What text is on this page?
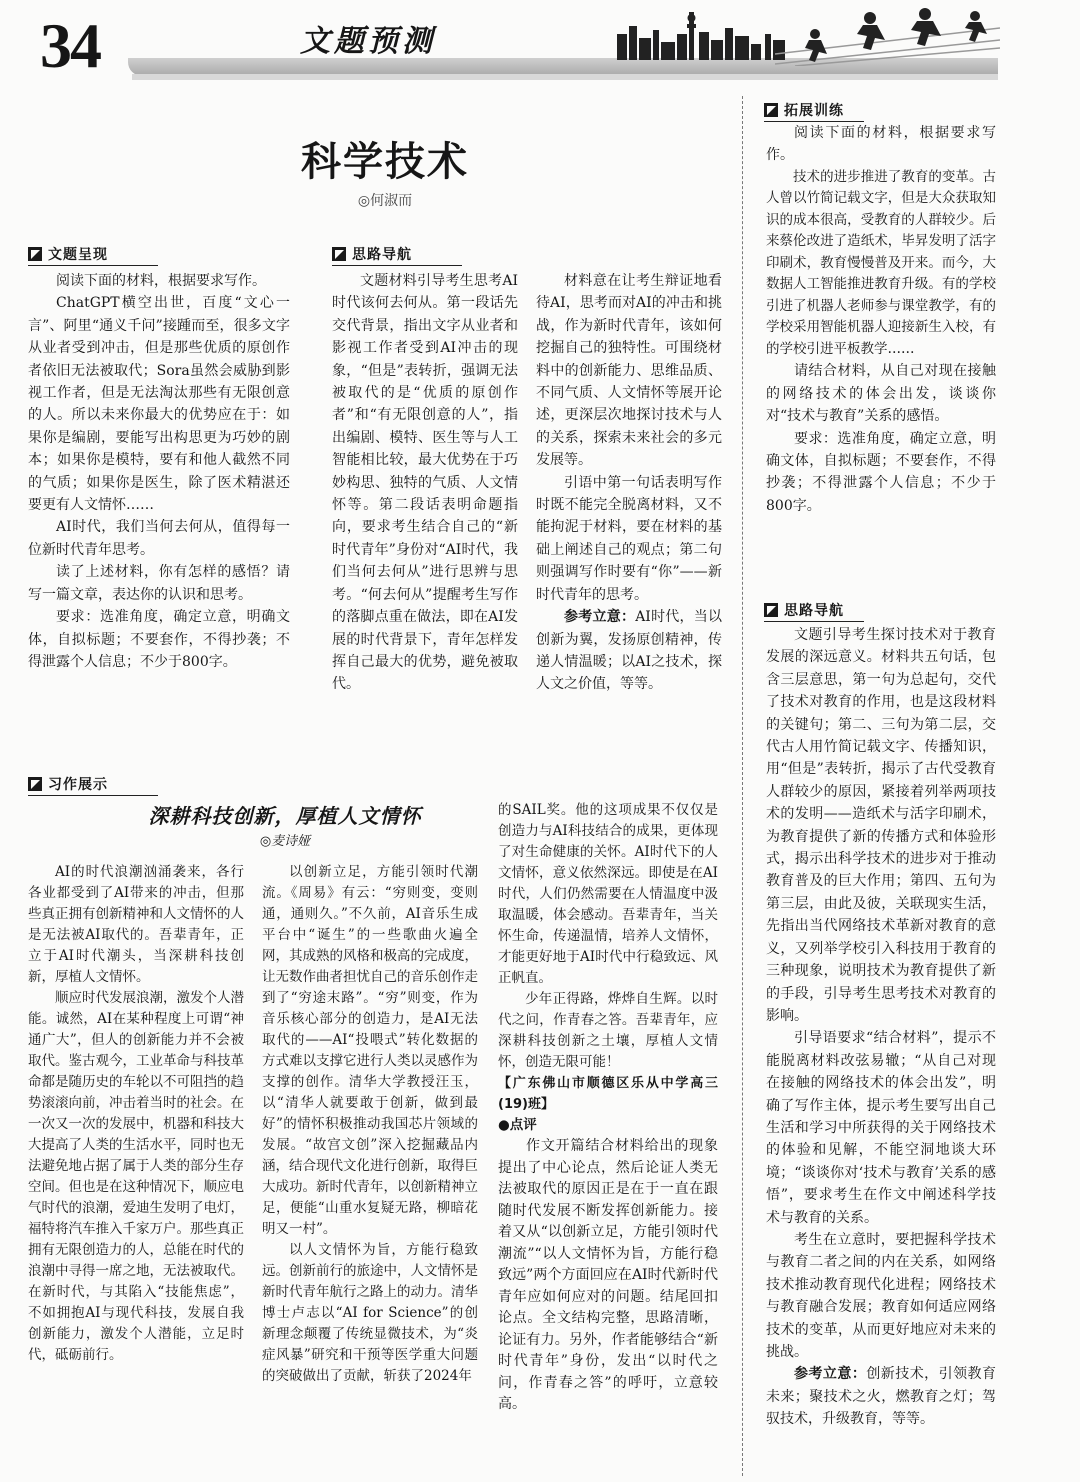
34	文题预测
科学技术
◎何淑而
文题呈现

阅读下面的材料，根据要求写作。

ChatGPT横空出世，百度“文心一言”、阿里“通义千问”接踵而至，很多文字从业者受到冲击，但是那些优质的原创作者依旧无法被取代；Sora虽然会威胁到影视工作者，但是无法淘汰那些有无限创意的人。所以未来你最大的优势应在于：如果你是编剧，要能写出构思更为巧妙的剧本；如果你是模特，要有和他人截然不同的气质；如果你是医生，除了医术精湛还要更有人文情怀……

AI时代，我们当何去何从，值得每一位新时代青年思考。

读了上述材料，你有怎样的感悟？请写一篇文章，表达你的认识和思考。

要求：选准角度，确定立意，明确文体，自拟标题；不要套作，不得抄袭；不得泄露个人信息；不少于800字。

思路导航

文题材料引导考生思考AI时代该何去何从。第一段话先交代背景，指出文字从业者和影视工作者受到AI冲击的现象，“但是”表转折，强调无法被取代的是“优质的原创作者”和“有无限创意的人”，指出编剧、模特、医生等与人工智能相比较，最大优势在于巧妙构思、独特的气质、人文情怀等。第二段话表明命题指向，要求考生结合自己的“新时代青年”身份对“AI时代，我们当何去何从”进行思辨与思考。“何去何从”提醒考生写作的落脚点重在做法，即在AI发展的时代背景下，青年怎样发挥自己最大的优势，避免被取代。

材料意在让考生辩证地看待AI，思考而对AI的冲击和挑战，作为新时代青年，该如何挖掘自己的独特性。可围绕材料中的创新能力、思维品质、不同气质、人文情怀等展开论述，更深层次地探讨技术与人的关系，探索未来社会的多元发展等。

引语中第一句话表明写作时既不能完全脱离材料，又不能拘泥于材料，要在材料的基础上阐述自己的观点；第二句则强调写作时要有“你”——新时代青年的思考。

参考立意：AI时代，当以创新为翼，发扬原创精神，传递人情温暖；以AI之技术，探人文之价值，等等。

习作展示
深耕科技创新，厚植人文情怀
◎麦诗娅

AI的时代浪潮汹涌袭来，各行各业都受到了AI带来的冲击，但那些真正拥有创新精神和人文情怀的人是无法被AI取代的。吾辈青年，正立于AI时代潮头，当深耕科技创新，厚植人文情怀。

顺应时代发展浪潮，激发个人潜能。诚然，AI在某种程度上可谓“神通广大”，但人的创新能力并不会被取代。鉴古观今，工业革命与科技革命都是随历史的车轮以不可阻挡的趋势滚滚向前，冲击着当时的社会。在一次又一次的发展中，机器和科技大大提高了人类的生活水平，同时也无法避免地占据了属于人类的部分生存空间。但也是在这种情况下，顺应电气时代的浪潮，爱迪生发明了电灯，福特将汽车推入千家万户。那些真正拥有无限创造力的人，总能在时代的浪潮中寻得一席之地，无法被取代。在新时代，与其陷入“技能焦虑”，不如拥抱AI与现代科技，发展自我创新能力，激发个人潜能，立足时代，砥砺前行。

以创新立足，方能引领时代潮流。《周易》有云：“穷则变，变则通，通则久。”不久前，AI音乐生成平台中“诞生”的一些歌曲火遍全网，其成熟的风格和极高的完成度，让无数作曲者担忧自己的音乐创作走到了“穷途末路”。“穷”则变，作为音乐核心部分的创造力，是AI无法取代的——AI“投喂式”转化数据的方式难以支撑它进行人类以灵感作为支撑的创作。清华大学教授汪玉，以“清华人就要敢于创新，做到最好”的情怀积极推动我国芯片领域的发展。“故宫文创”深入挖掘藏品内涵，结合现代文化进行创新，取得巨大成功。新时代青年，以创新精神立足，便能“山重水复疑无路，柳暗花明又一村”。

以人文情怀为旨，方能行稳致远。创新前行的旅途中，人文情怀是新时代青年航行之路上的动力。清华博士卢志以“AI for Science”的创新理念颠覆了传统显微技术，为“炎症风暴”研究和干预等医学重大问题的突破做出了贡献，斩获了2024年

的SAIL奖。他的这项成果不仅仅是创造力与AI科技结合的成果，更体现了对生命健康的关怀。AI时代下的人文情怀，意义依然深远。即使是在AI时代，人们仍然需要在人情温度中汲取温暖，体会感动。吾辈青年，当关怀生命，传递温情，培养人文情怀，才能更好地于AI时代中行稳致远、风正帆直。

少年正得路，烨烨自生辉。以时代之问，作青春之答。吾辈青年，应深耕科技创新之土壤，厚植人文情怀，创造无限可能！

【广东佛山市顺德区乐从中学高三(19)班】

●点评

作文开篇结合材料给出的现象提出了中心论点，然后论证人类无法被取代的原因正是在于一直在跟随时代发展不断发挥创新能力。接着又从“以创新立足，方能引领时代潮流”“以人文情怀为旨，方能行稳致远”两个方面回应在AI时代新时代青年应如何应对的问题。结尾回扣论点。全文结构完整，思路清晰，论证有力。另外，作者能够结合“新时代青年”身份，发出“以时代之问，作青春之答”的呼吁，立意较高。

拓展训练

阅读下面的材料，根据要求写作。

技术的进步推进了教育的变革。古人曾以竹简记载文字，但是大众获取知识的成本很高，受教育的人群较少。后来蔡伦改进了造纸术，毕昇发明了活字印刷术，教育慢慢普及开来。而今，大数据人工智能推进教育升级。有的学校引进了机器人老师参与课堂教学，有的学校采用智能机器人迎接新生入校，有的学校引进平板教学……

请结合材料，从自己对现在接触的网络技术的体会出发，谈谈你对“技术与教育”关系的感悟。

要求：选准角度，确定立意，明确文体，自拟标题；不要套作，不得抄袭；不得泄露个人信息；不少于800字。

思路导航

文题引导考生探讨技术对于教育发展的深远意义。材料共五句话，包含三层意思，第一句为总起句，交代了技术对教育的作用，也是这段材料的关键句；第二、三句为第二层，交代古人用竹简记载文字、传播知识，用“但是”表转折，揭示了古代受教育人群较少的原因，紧接着列举两项技术的发明——造纸术与活字印刷术，为教育提供了新的传播方式和体验形式，揭示出科学技术的进步对于推动教育普及的巨大作用；第四、五句为第三层，由此及彼，关联现实生活，先指出当代网络技术革新对教育的意义，又列举学校引入科技用于教育的三种现象，说明技术为教育提供了新的手段，引导考生思考技术对教育的影响。

引导语要求“结合材料”，提示不能脱离材料改弦易辙；“从自己对现在接触的网络技术的体会出发”，明确了写作主体，提示考生要写出自己生活和学习中所获得的关于网络技术的体验和见解，不能空洞地谈大环境；“谈谈你对‘技术与教育’关系的感悟”，要求考生在作文中阐述科学技术与教育的关系。

考生在立意时，要把握科学技术与教育二者之间的内在关系，如网络技术推动教育现代化进程；网络技术与教育融合发展；教育如何适应网络技术的变革，从而更好地应对未来的挑战。

参考立意：创新技术，引领教育未来；聚技术之火，燃教育之灯；驾驭技术，升级教育，等等。
